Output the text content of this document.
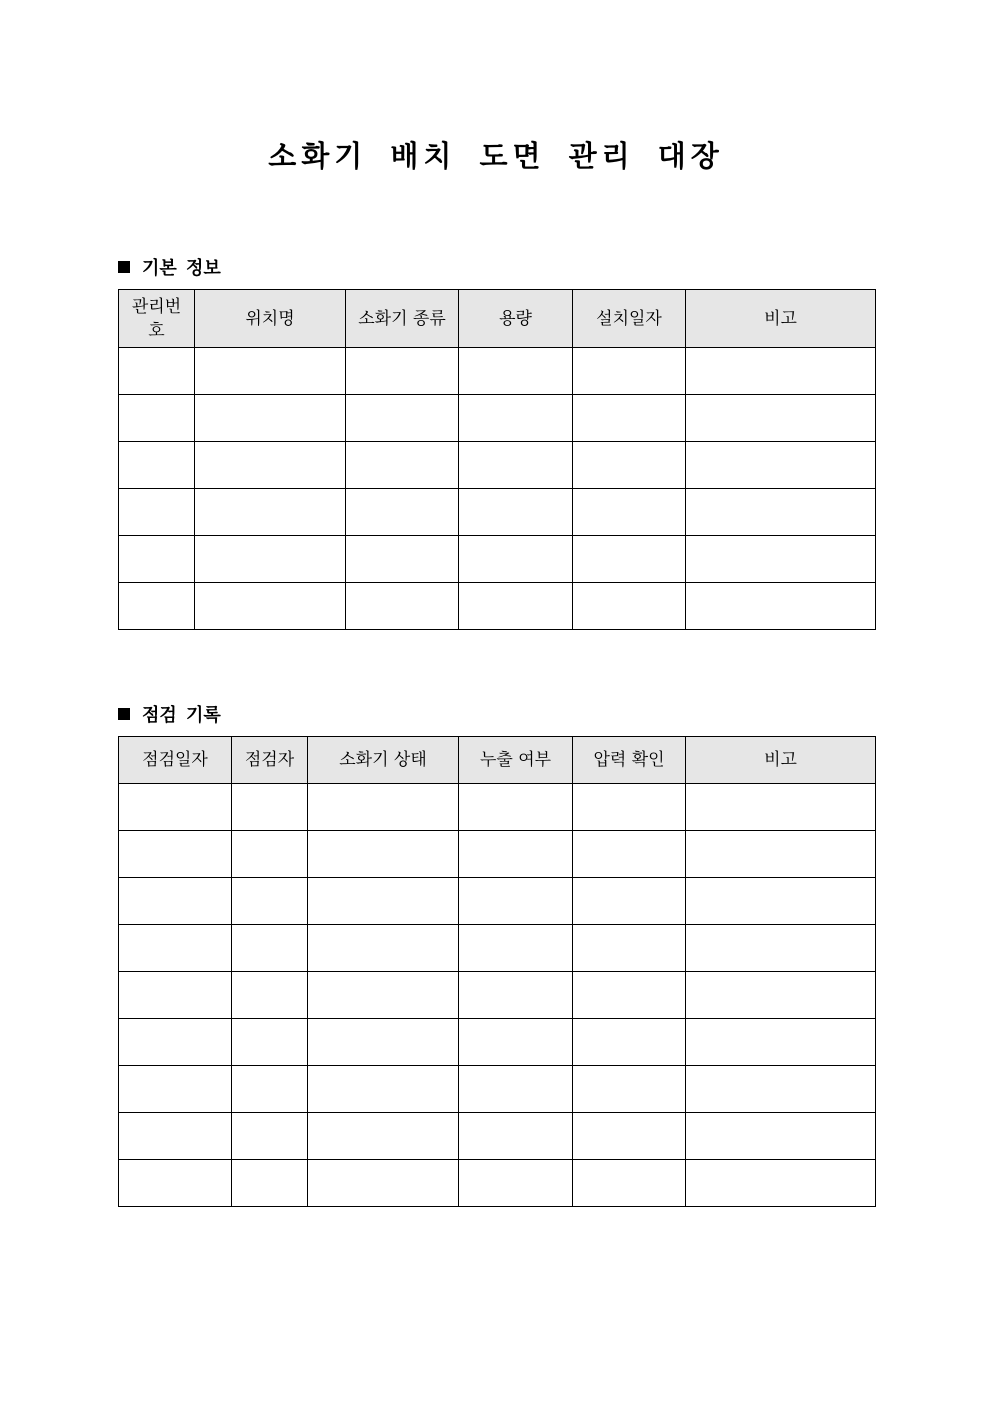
소화기 배치 도면 관리 대장
기본 정보
관리번호	위치명	소화기 종류	용량	설치일자	비고

점검 기록
점검일자	점검자	소화기 상태	누출 여부	압력 확인	비고
